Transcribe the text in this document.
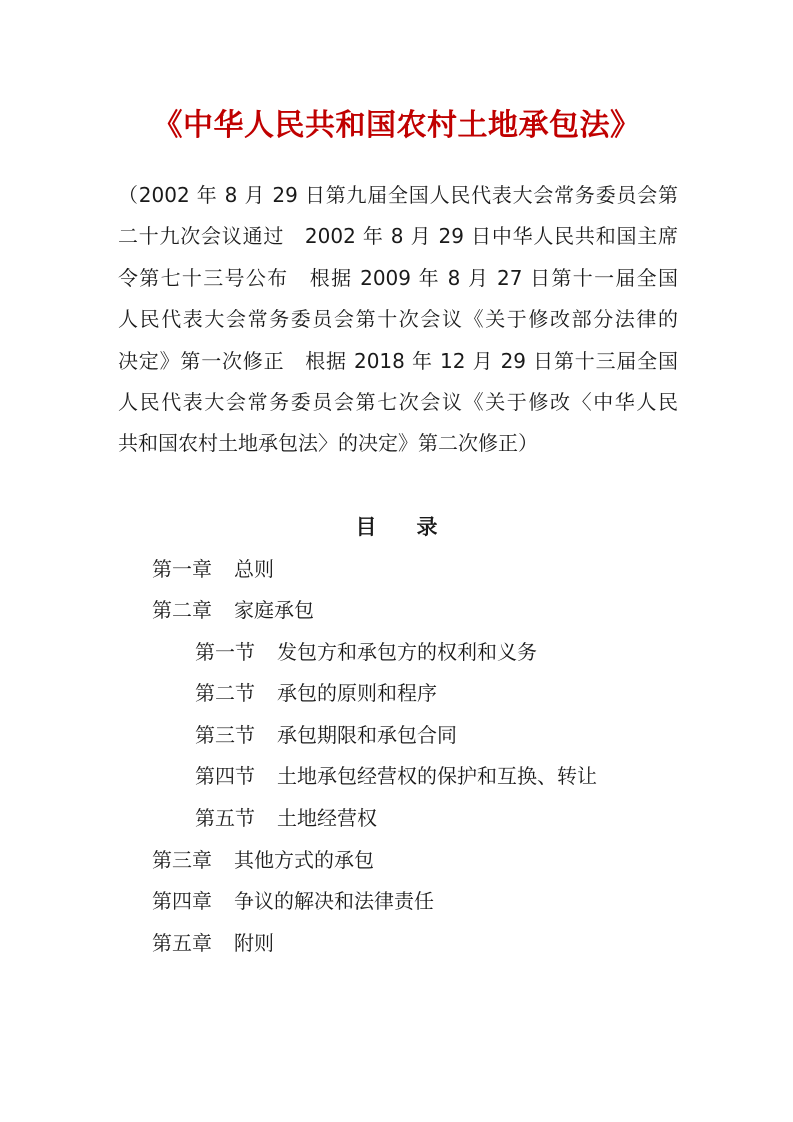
《中华人民共和国农村土地承包法》
（2002 年 8 月 29 日第九届全国人民代表大会常务委员会第
二十九次会议通过　2002 年 8 月 29 日中华人民共和国主席
令第七十三号公布　根据 2009 年 8 月 27 日第十一届全国
人民代表大会常务委员会第十次会议《关于修改部分法律的
决定》第一次修正　根据 2018 年 12 月 29 日第十三届全国
人民代表大会常务委员会第七次会议《关于修改〈中华人民
共和国农村土地承包法〉的决定》第二次修正）
目 录
第一章 总则
第二章 家庭承包
第一节 发包方和承包方的权利和义务
第二节 承包的原则和程序
第三节 承包期限和承包合同
第四节 土地承包经营权的保护和互换、转让
第五节 土地经营权
第三章 其他方式的承包
第四章 争议的解决和法律责任
第五章 附则
